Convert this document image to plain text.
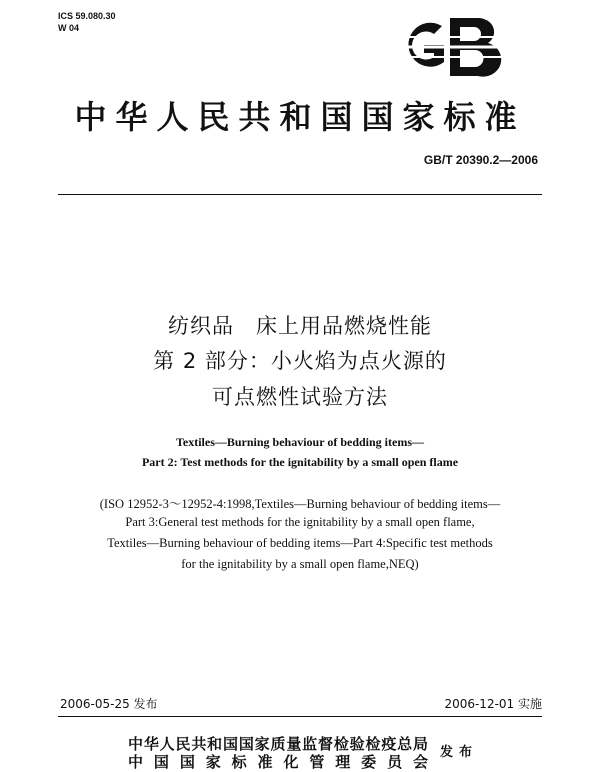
ICS 59.080.30
W 04
中华人民共和国国家标准
GB/T 20390.2—2006
纺织品　床上用品燃烧性能
第 2 部分：小火焰为点火源的
可点燃性试验方法
Textiles—Burning behaviour of bedding items—
Part 2: Test methods for the ignitability by a small open flame
(ISO 12952-3～12952-4:1998,Textiles—Burning behaviour of bedding items—
Part 3:General test methods for the ignitability by a small open flame,
Textiles—Burning behaviour of bedding items—Part 4:Specific test methods
for the ignitability by a small open flame,NEQ)
2006-05-25 发布	2006-12-01 实施
中华人民共和国国家质量监督检验检疫总局
中国国家标准化管理委员会
发布
